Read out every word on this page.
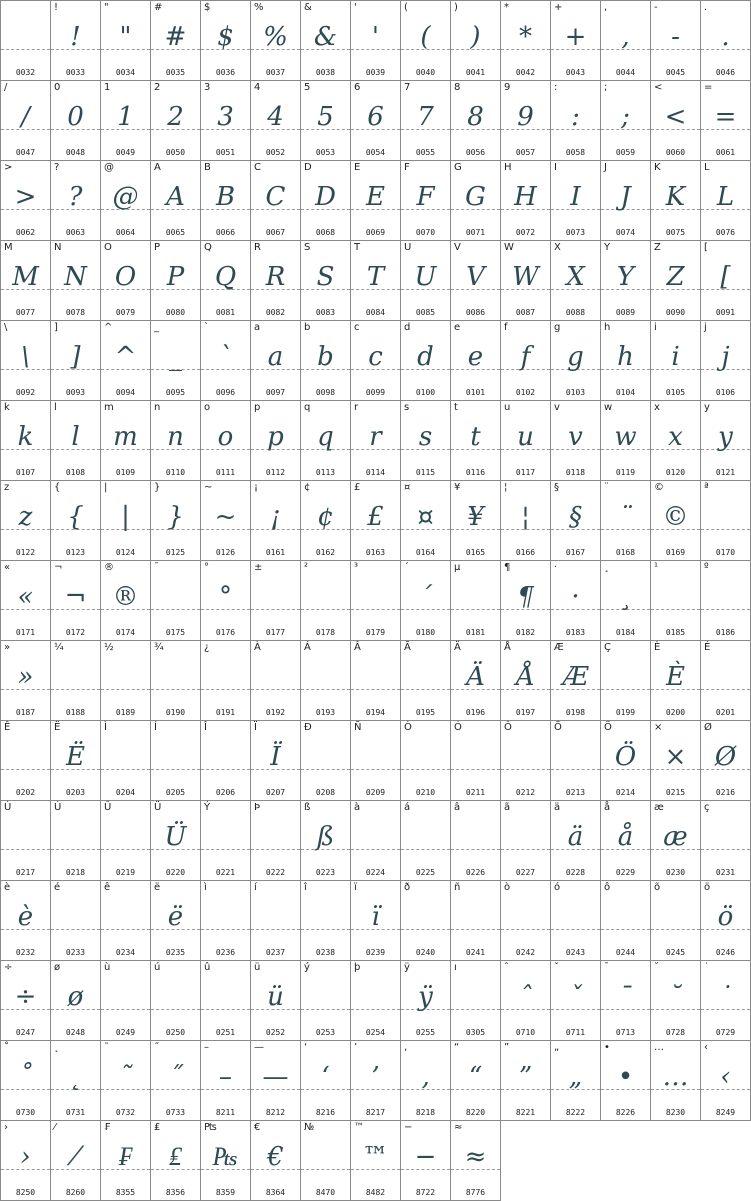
0032
!
!
0033
"
"
0034
#
#
0035
$
$
0036
%
%
0037
&
&
0038
'
'
0039
(
(
0040
)
)
0041
*
*
0042
+
+
0043
,
,
0044
-
-
0045
.
.
0046
/
/
0047
0
0
0048
1
1
0049
2
2
0050
3
3
0051
4
4
0052
5
5
0053
6
6
0054
7
7
0055
8
8
0056
9
9
0057
:
:
0058
;
;
0059
<
<
0060
=
=
0061
>
>
0062
?
?
0063
@
@
0064
A
A
0065
B
B
0066
C
C
0067
D
D
0068
E
E
0069
F
F
0070
G
G
0071
H
H
0072
I
I
0073
J
J
0074
K
K
0075
L
L
0076
M
M
0077
N
N
0078
O
O
0079
P
P
0080
Q
Q
0081
R
R
0082
S
S
0083
T
T
0084
U
U
0085
V
V
0086
W
W
0087
X
X
0088
Y
Y
0089
Z
Z
0090
[
[
0091
\
\
0092
]
]
0093
^
^
0094
_
_
0095
`
`
0096
a
a
0097
b
b
0098
c
c
0099
d
d
0100
e
e
0101
f
f
0102
g
g
0103
h
h
0104
i
i
0105
j
j
0106
k
k
0107
l
l
0108
m
m
0109
n
n
0110
o
o
0111
p
p
0112
q
q
0113
r
r
0114
s
s
0115
t
t
0116
u
u
0117
v
v
0118
w
w
0119
x
x
0120
y
y
0121
z
z
0122
{
{
0123
|
|
0124
}
}
0125
~
~
0126
¡
¡
0161
¢
¢
0162
£
£
0163
¤
¤
0164
¥
¥
0165
¦
¦
0166
§
§
0167
¨
¨
0168
©
©
0169
ª
0170
«
«
0171
¬
¬
0172
®
®
0174
¯
0175
°
°
0176
±
0177
²
0178
³
0179
´
´
0180
µ
0181
¶
¶
0182
·
·
0183
¸
¸
0184
¹
0185
º
0186
»
»
0187
¼
0188
½
0189
¾
0190
¿
0191
À
0192
Á
0193
Â
0194
Ã
0195
Ä
Ä
0196
Å
Å
0197
Æ
Æ
0198
Ç
0199
È
È
0200
É
0201
Ê
0202
Ë
Ë
0203
Ì
0204
Í
0205
Î
0206
Ï
Ï
0207
Ð
0208
Ñ
0209
Ò
0210
Ó
0211
Ô
0212
Õ
0213
Ö
Ö
0214
×
×
0215
Ø
Ø
0216
Ù
0217
Ú
0218
Û
0219
Ü
Ü
0220
Ý
0221
Þ
0222
ß
ß
0223
à
0224
á
0225
â
0226
ã
0227
ä
ä
0228
å
å
0229
æ
æ
0230
ç
0231
è
è
0232
é
0233
ê
0234
ë
ë
0235
ì
0236
í
0237
î
0238
ï
ï
0239
ð
0240
ñ
0241
ò
0242
ó
0243
ô
0244
õ
0245
ö
ö
0246
÷
÷
0247
ø
ø
0248
ù
0249
ú
0250
û
0251
ü
ü
0252
ý
0253
þ
0254
ÿ
ÿ
0255
ı
0305
ˆ
ˆ
0710
ˇ
ˇ
0711
ˉ
ˉ
0713
˘
˘
0728
˙
˙
0729
˚
˚
0730
˛
˛
0731
˜
˜
0732
˝
˝
0733
–
–
8211
—
—
8212
‘
‘
8216
’
’
8217
‚
‚
8218
“
“
8220
”
”
8221
„
„
8222
•
•
8226
…
…
8230
‹
‹
8249
›
›
8250
⁄
⁄
8260
₣
₣
8355
₤
₤
8356
₧
₧
8359
€
€
8364
№
8470
™
™
8482
−
−
8722
≈
≈
8776
